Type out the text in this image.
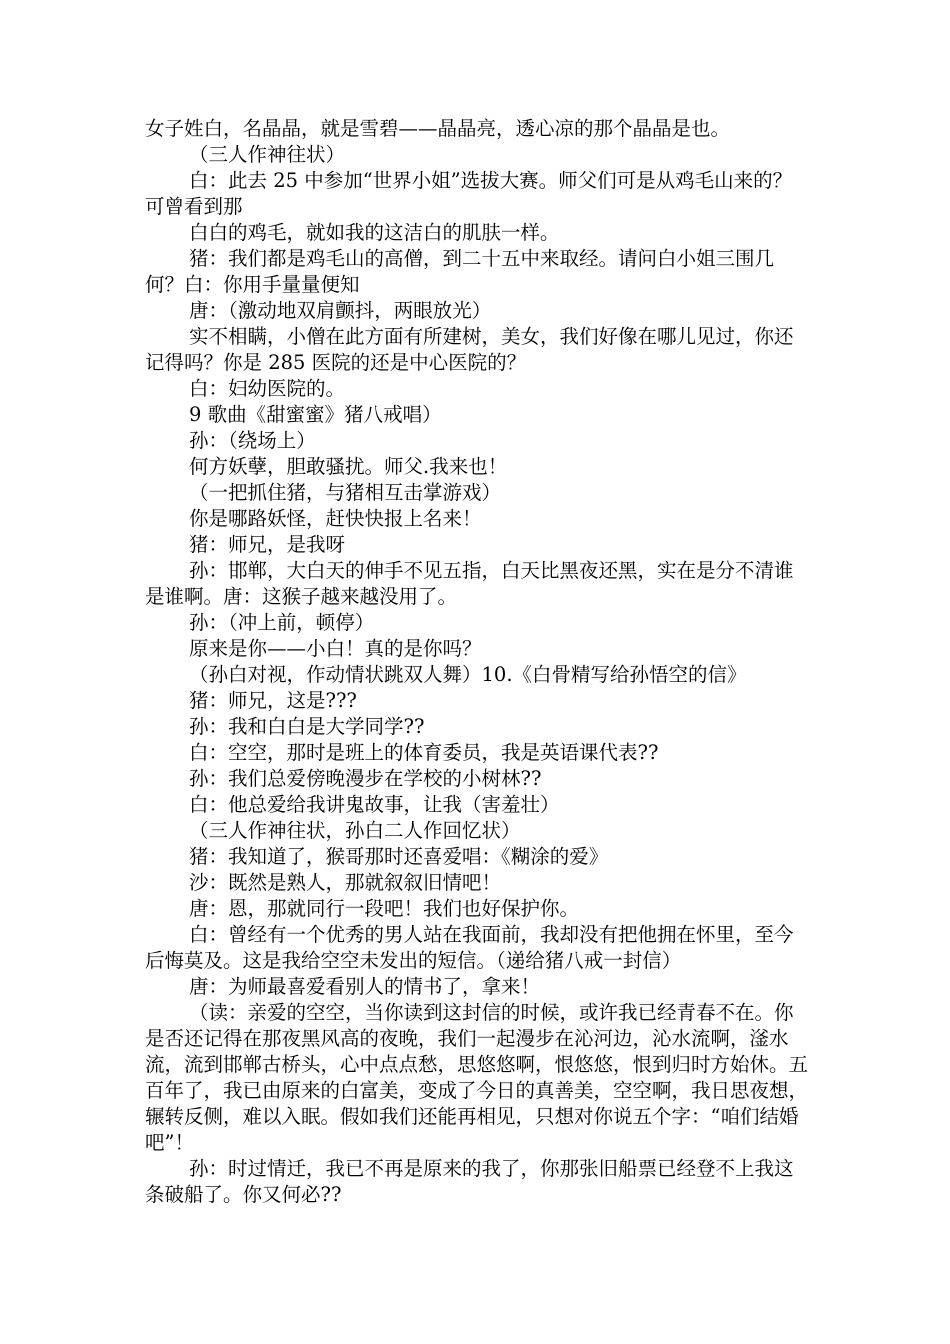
女子姓白，名晶晶，就是雪碧——晶晶亮，透心凉的那个晶晶是也。

（三人作神往状）

白：此去 25 中参加“世界小姐”选拔大赛。师父们可是从鸡毛山来的？可曾看到那

白白的鸡毛，就如我的这洁白的肌肤一样。

猪：我们都是鸡毛山的高僧，到二十五中来取经。请问白小姐三围几何？白：你用手量量便知

唐：（激动地双肩颤抖，两眼放光）

实不相瞒，小僧在此方面有所建树，美女，我们好像在哪儿见过，你还记得吗？你是 285 医院的还是中心医院的？

白：妇幼医院的。

9 歌曲《甜蜜蜜》猪八戒唱）

孙：（绕场上）

何方妖孽，胆敢骚扰。师父.我来也！

（一把抓住猪，与猪相互击掌游戏）

你是哪路妖怪，赶快快报上名来！

猪：师兄，是我呀

孙：邯郸，大白天的伸手不见五指，白天比黑夜还黑，实在是分不清谁是谁啊。唐：这猴子越来越没用了。

孙：（冲上前，顿停）

原来是你——小白！真的是你吗？

（孙白对视，作动情状跳双人舞）10.《白骨精写给孙悟空的信》

猪：师兄，这是???

孙：我和白白是大学同学??

白：空空，那时是班上的体育委员，我是英语课代表??

孙：我们总爱傍晚漫步在学校的小树林??

白：他总爱给我讲鬼故事，让我（害羞壮）

（三人作神往状，孙白二人作回忆状）

猪：我知道了，猴哥那时还喜爱唱：《糊涂的爱》

沙：既然是熟人，那就叙叙旧情吧！

唐：恩，那就同行一段吧！我们也好保护你。

白：曾经有一个优秀的男人站在我面前，我却没有把他拥在怀里，至今后悔莫及。这是我给空空未发出的短信。（递给猪八戒一封信）

唐：为师最喜爱看别人的情书了，拿来！

（读：亲爱的空空，当你读到这封信的时候，或许我已经青春不在。你是否还记得在那夜黑风高的夜晚，我们一起漫步在沁河边，沁水流啊，滏水流，流到邯郸古桥头，心中点点愁，思悠悠啊，恨悠悠，恨到归时方始休。五百年了，我已由原来的白富美，变成了今日的真善美，空空啊，我日思夜想，辗转反侧，难以入眠。假如我们还能再相见，只想对你说五个字：“咱们结婚吧”！

孙：时过情迁，我已不再是原来的我了，你那张旧船票已经登不上我这条破船了。你又何必??
